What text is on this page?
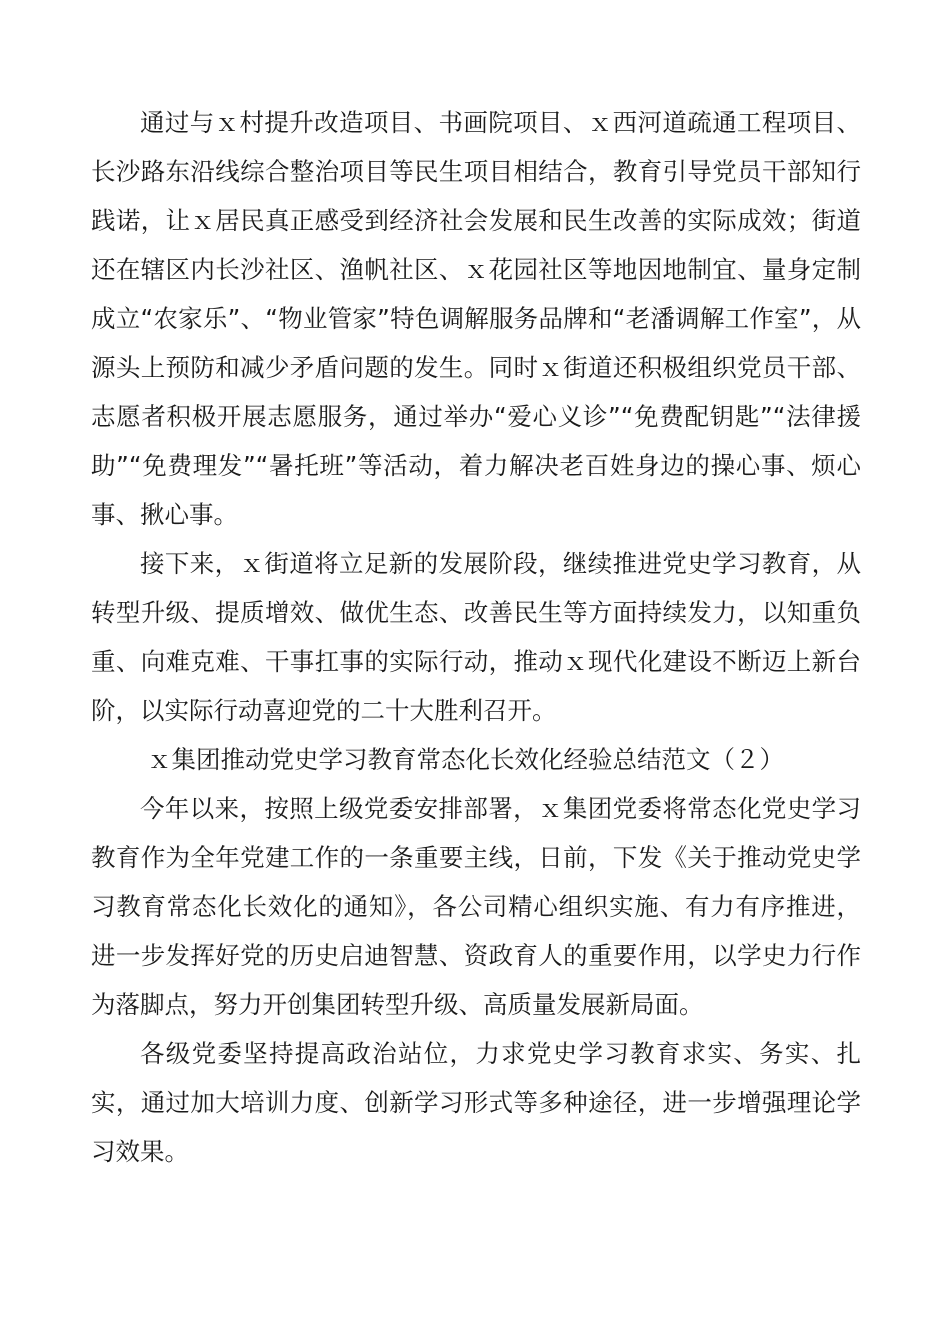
通过与ｘ村提升改造项目、书画院项目、ｘ西河道疏通工程项目、长沙路东沿线综合整治项目等民生项目相结合，教育引导党员干部知行践诺，让ｘ居民真正感受到经济社会发展和民生改善的实际成效；街道还在辖区内长沙社区、渔帆社区、ｘ花园社区等地因地制宜、量身定制成立“农家乐”、“物业管家”特色调解服务品牌和“老潘调解工作室”，从源头上预防和减少矛盾问题的发生。同时ｘ街道还积极组织党员干部、志愿者积极开展志愿服务，通过举办“爱心义诊”“免费配钥匙”“法律援助”“免费理发”“暑托班”等活动，着力解决老百姓身边的操心事、烦心事、揪心事。

接下来，ｘ街道将立足新的发展阶段，继续推进党史学习教育，从转型升级、提质增效、做优生态、改善民生等方面持续发力，以知重负重、向难克难、干事扛事的实际行动，推动ｘ现代化建设不断迈上新台阶，以实际行动喜迎党的二十大胜利召开。

ｘ集团推动党史学习教育常态化长效化经验总结范文（２）

今年以来，按照上级党委安排部署，ｘ集团党委将常态化党史学习教育作为全年党建工作的一条重要主线，日前，下发《关于推动党史学习教育常态化长效化的通知》，各公司精心组织实施、有力有序推进，进一步发挥好党的历史启迪智慧、资政育人的重要作用，以学史力行作为落脚点，努力开创集团转型升级、高质量发展新局面。

各级党委坚持提高政治站位，力求党史学习教育求实、务实、扎实，通过加大培训力度、创新学习形式等多种途径，进一步增强理论学习效果。
